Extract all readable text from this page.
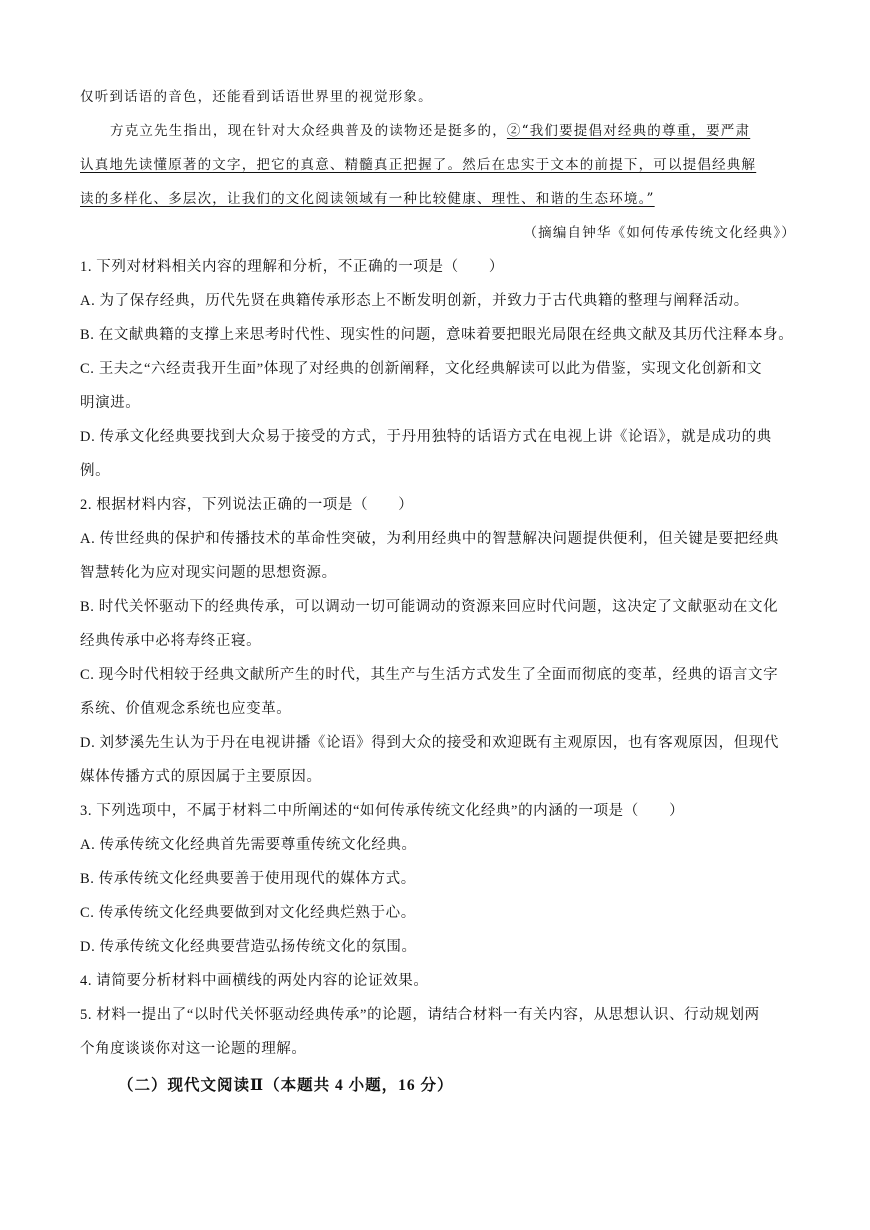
仅听到话语的音色，还能看到话语世界里的视觉形象。
方克立先生指出，现在针对大众经典普及的读物还是挺多的，②“我们要提倡对经典的尊重，要严肃
认真地先读懂原著的文字，把它的真意、精髓真正把握了。然后在忠实于文本的前提下，可以提倡经典解
读的多样化、多层次，让我们的文化阅读领域有一种比较健康、理性、和谐的生态环境。”
（摘编自钟华《如何传承传统文化经典》）
1. 下列对材料相关内容的理解和分析，不正确的一项是（　　）
A. 为了保存经典，历代先贤在典籍传承形态上不断发明创新，并致力于古代典籍的整理与阐释活动。
B. 在文献典籍的支撑上来思考时代性、现实性的问题，意味着要把眼光局限在经典文献及其历代注释本身。
C. 王夫之“六经责我开生面”体现了对经典的创新阐释，文化经典解读可以此为借鉴，实现文化创新和文
明演进。
D. 传承文化经典要找到大众易于接受的方式，于丹用独特的话语方式在电视上讲《论语》，就是成功的典
例。
2. 根据材料内容，下列说法正确的一项是（　　）
A. 传世经典的保护和传播技术的革命性突破，为利用经典中的智慧解决问题提供便利，但关键是要把经典
智慧转化为应对现实问题的思想资源。
B. 时代关怀驱动下的经典传承，可以调动一切可能调动的资源来回应时代问题，这决定了文献驱动在文化
经典传承中必将寿终正寝。
C. 现今时代相较于经典文献所产生的时代，其生产与生活方式发生了全面而彻底的变革，经典的语言文字
系统、价值观念系统也应变革。
D. 刘梦溪先生认为于丹在电视讲播《论语》得到大众的接受和欢迎既有主观原因，也有客观原因，但现代
媒体传播方式的原因属于主要原因。
3. 下列选项中，不属于材料二中所阐述的“如何传承传统文化经典”的内涵的一项是（　　）
A. 传承传统文化经典首先需要尊重传统文化经典。
B. 传承传统文化经典要善于使用现代的媒体方式。
C. 传承传统文化经典要做到对文化经典烂熟于心。
D. 传承传统文化经典要营造弘扬传统文化的氛围。
4. 请简要分析材料中画横线的两处内容的论证效果。
5. 材料一提出了“以时代关怀驱动经典传承”的论题，请结合材料一有关内容，从思想认识、行动规划两
个角度谈谈你对这一论题的理解。
（二）现代文阅读Ⅱ（本题共 4 小题，16 分）
